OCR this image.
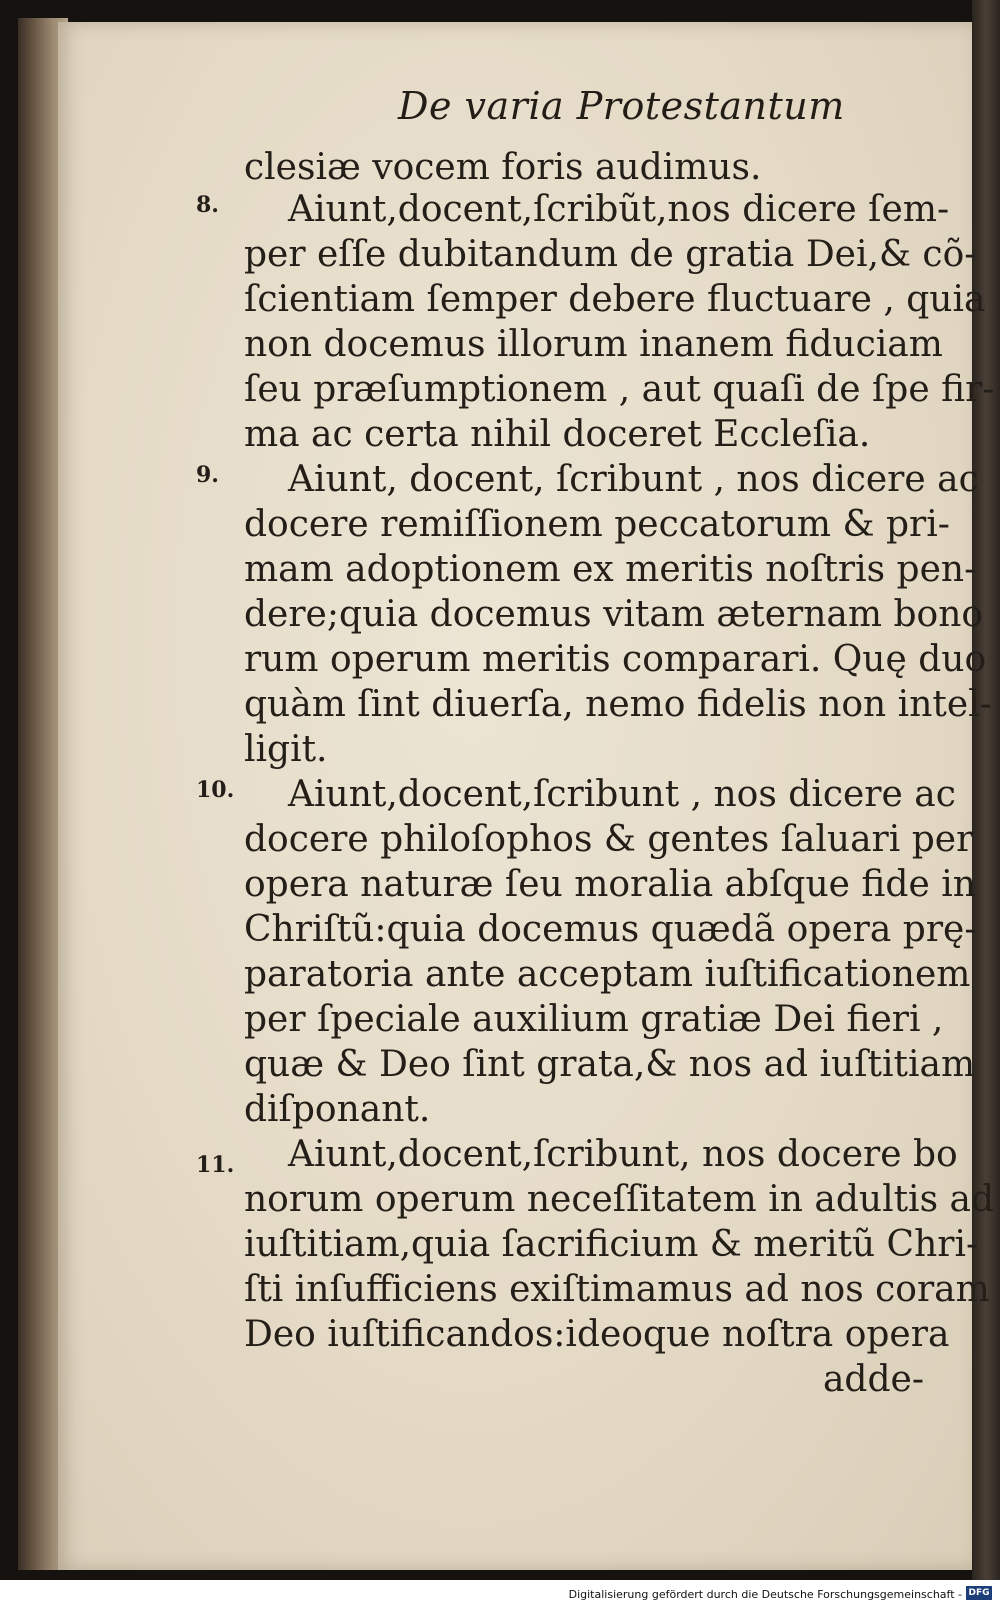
De varia Protestantum
clesiæ vocem foris audimus.
8. Aiunt,docent,ſcribũt,nos dicere ſem-
per eſſe dubitandum de gratia Dei,& cõ-
ſcientiam ſemper debere fluctuare , quia
non docemus illorum inanem fiduciam
ſeu præſumptionem , aut quaſi de ſpe fir-
ma ac certa nihil doceret Eccleſia.
9. Aiunt, docent, ſcribunt , nos dicere ac
docere remiſſionem peccatorum & pri-
mam adoptionem ex meritis noſtris pen-
dere;quia docemus vitam æternam bono
rum operum meritis comparari. Quę duo
quàm ſint diuerſa, nemo fidelis non intel-
ligit.
10. Aiunt,docent,ſcribunt , nos dicere ac
docere philoſophos & gentes ſaluari per
opera naturæ ſeu moralia abſque fide in
Chriſtũ:quia docemus quædã opera prę-
paratoria ante acceptam iuſtificationem
per ſpeciale auxilium gratiæ Dei fieri ,
quæ & Deo ſint grata,& nos ad iuſtitiam
diſponant.
11. Aiunt,docent,ſcribunt, nos docere bo
norum operum neceſſitatem in adultis ad
iuſtitiam,quia ſacrificium & meritũ Chri-
ſti inſufficiens exiſtimamus ad nos coram
Deo iuſtificandos:ideoque noſtra opera
adde-
Digitalisierung gefördert durch die Deutsche Forschungsgemeinschaft - DFG
